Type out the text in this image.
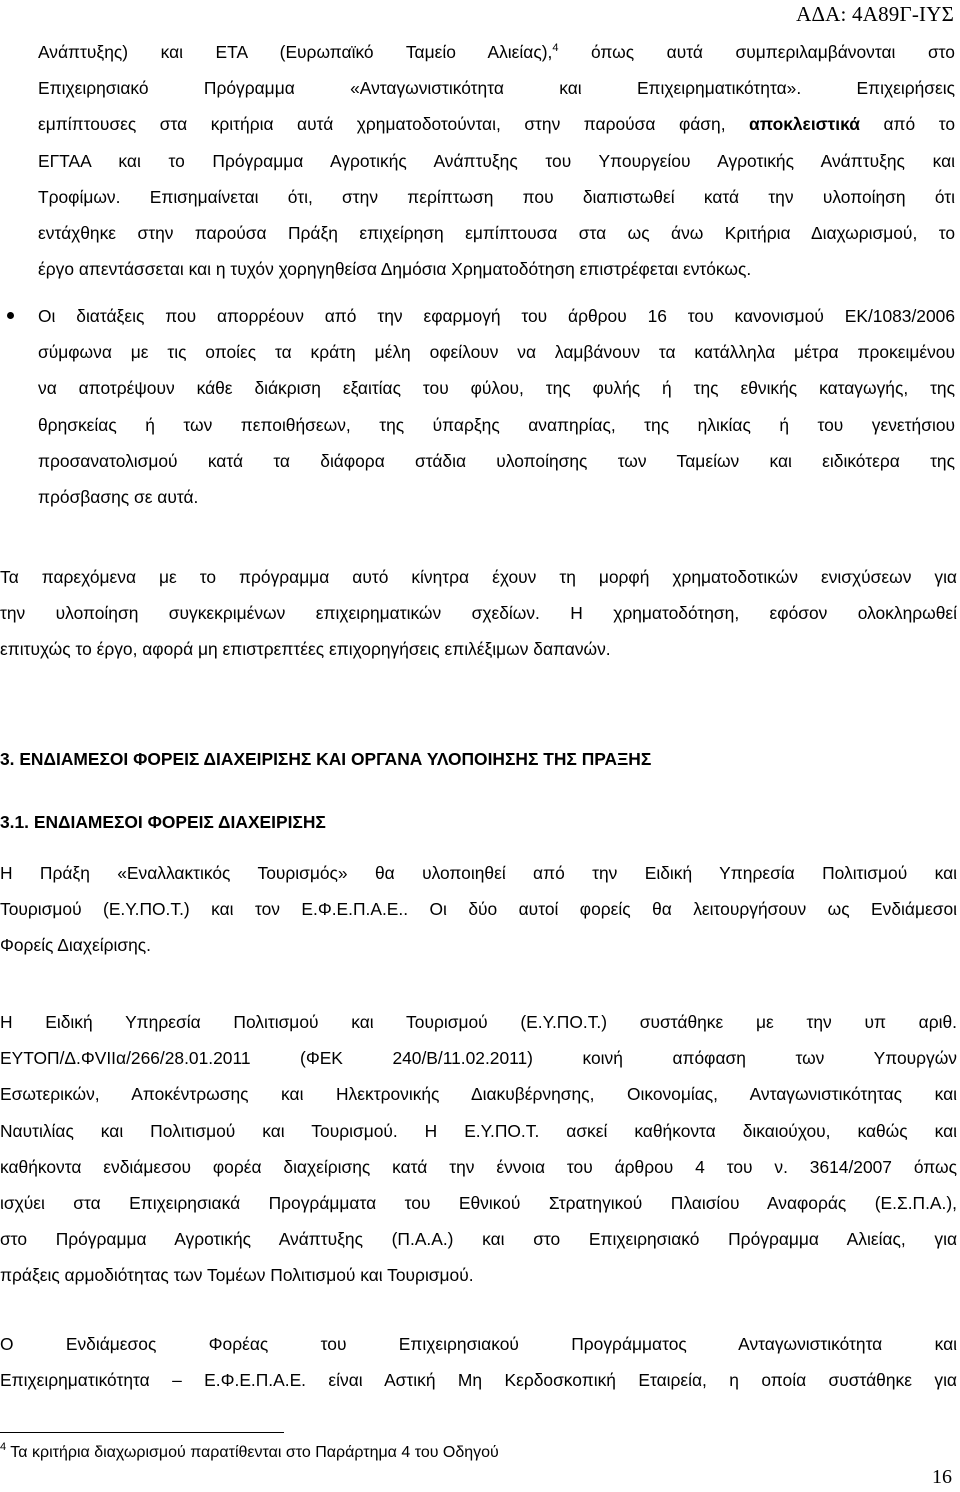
ΑΔΑ: 4Α89Γ-ΙΥΣ
Ανάπτυξης) και ΕΤΑ (Ευρωπαϊκό Ταμείο Αλιείας),$^4$ όπως αυτά συμπεριλαμβάνονται στο
Επιχειρησιακό Πρόγραμμα «Ανταγωνιστικότητα και Επιχειρηματικότητα». Επιχειρήσεις
εμπίπτουσες στα κριτήρια αυτά χρηματοδοτούνται, στην παρούσα φάση, αποκλειστικά από το
ΕΓΤΑΑ και το Πρόγραμμα Αγροτικής Ανάπτυξης του Υπουργείου Αγροτικής Ανάπτυξης και
Τροφίμων. Επισημαίνεται ότι, στην περίπτωση που διαπιστωθεί κατά την υλοποίηση ότι
εντάχθηκε στην παρούσα Πράξη επιχείρηση εμπίπτουσα στα ως άνω Κριτήρια Διαχωρισμού, το
έργο απεντάσσεται και η τυχόν χορηγηθείσα Δημόσια Χρηματοδότηση επιστρέφεται εντόκως.
Οι διατάξεις που απορρέουν από την εφαρμογή του άρθρου 16 του κανονισμού ΕΚ/1083/2006
σύμφωνα με τις οποίες τα κράτη μέλη οφείλουν να λαμβάνουν τα κατάλληλα μέτρα προκειμένου
να αποτρέψουν κάθε διάκριση εξαιτίας του φύλου, της φυλής ή της εθνικής καταγωγής, της
θρησκείας ή των πεποιθήσεων, της ύπαρξης αναπηρίας, της ηλικίας ή του γενετήσιου
προσανατολισμού κατά τα διάφορα στάδια υλοποίησης των Ταμείων και ειδικότερα της
πρόσβασης σε αυτά.
Τα παρεχόμενα με το πρόγραμμα αυτό κίνητρα έχουν τη μορφή χρηματοδοτικών ενισχύσεων για
την υλοποίηση συγκεκριμένων επιχειρηματικών σχεδίων. Η χρηματοδότηση, εφόσον ολοκληρωθεί
επιτυχώς το έργο, αφορά μη επιστρεπτέες επιχορηγήσεις επιλέξιμων δαπανών.
3. ΕΝΔΙΑΜΕΣΟΙ ΦΟΡΕΙΣ ΔΙΑΧΕΙΡΙΣΗΣ ΚΑΙ ΟΡΓΑΝΑ ΥΛΟΠΟΙΗΣΗΣ ΤΗΣ ΠΡΑΞΗΣ
3.1. ΕΝΔΙΑΜΕΣΟΙ ΦΟΡΕΙΣ ΔΙΑΧΕΙΡΙΣΗΣ
Η Πράξη «Εναλλακτικός Τουρισμός» θα υλοποιηθεί από την Ειδική Υπηρεσία Πολιτισμού και
Τουρισμού (Ε.Υ.ΠΟ.Τ.) και τον Ε.Φ.Ε.Π.Α.Ε.. Οι δύο αυτοί φορείς θα λειτουργήσουν ως Ενδιάμεσοι
Φορείς Διαχείρισης.
Η Ειδική Υπηρεσία Πολιτισμού και Τουρισμού (Ε.Υ.ΠΟ.Τ.) συστάθηκε με την υπ αριθ.
ΕΥΤΟΠ/Δ.ΦVIIα/266/28.01.2011 (ΦΕΚ 240/Β/11.02.2011) κοινή απόφαση των Υπουργών
Εσωτερικών, Αποκέντρωσης και Ηλεκτρονικής Διακυβέρνησης, Οικονομίας, Ανταγωνιστικότητας και
Ναυτιλίας και Πολιτισμού και Τουρισμού. Η Ε.Υ.ΠΟ.Τ. ασκεί καθήκοντα δικαιούχου, καθώς και
καθήκοντα ενδιάμεσου φορέα διαχείρισης κατά την έννοια του άρθρου 4 του ν. 3614/2007 όπως
ισχύει στα Επιχειρησιακά Προγράμματα του Εθνικού Στρατηγικού Πλαισίου Αναφοράς (Ε.Σ.Π.Α.),
στο Πρόγραμμα Αγροτικής Ανάπτυξης (Π.Α.Α.) και στο Επιχειρησιακό Πρόγραμμα Αλιείας, για
πράξεις αρμοδιότητας των Τομέων Πολιτισμού και Τουρισμού.
Ο Ενδιάμεσος Φορέας του Επιχειρησιακού Προγράμματος Ανταγωνιστικότητα και
Επιχειρηματικότητα – Ε.Φ.Ε.Π.Α.Ε. είναι Αστική Μη Κερδοσκοπική Εταιρεία, η οποία συστάθηκε για
$^4$ Τα κριτήρια διαχωρισμού παρατίθενται στο Παράρτημα 4 του Οδηγού
16
